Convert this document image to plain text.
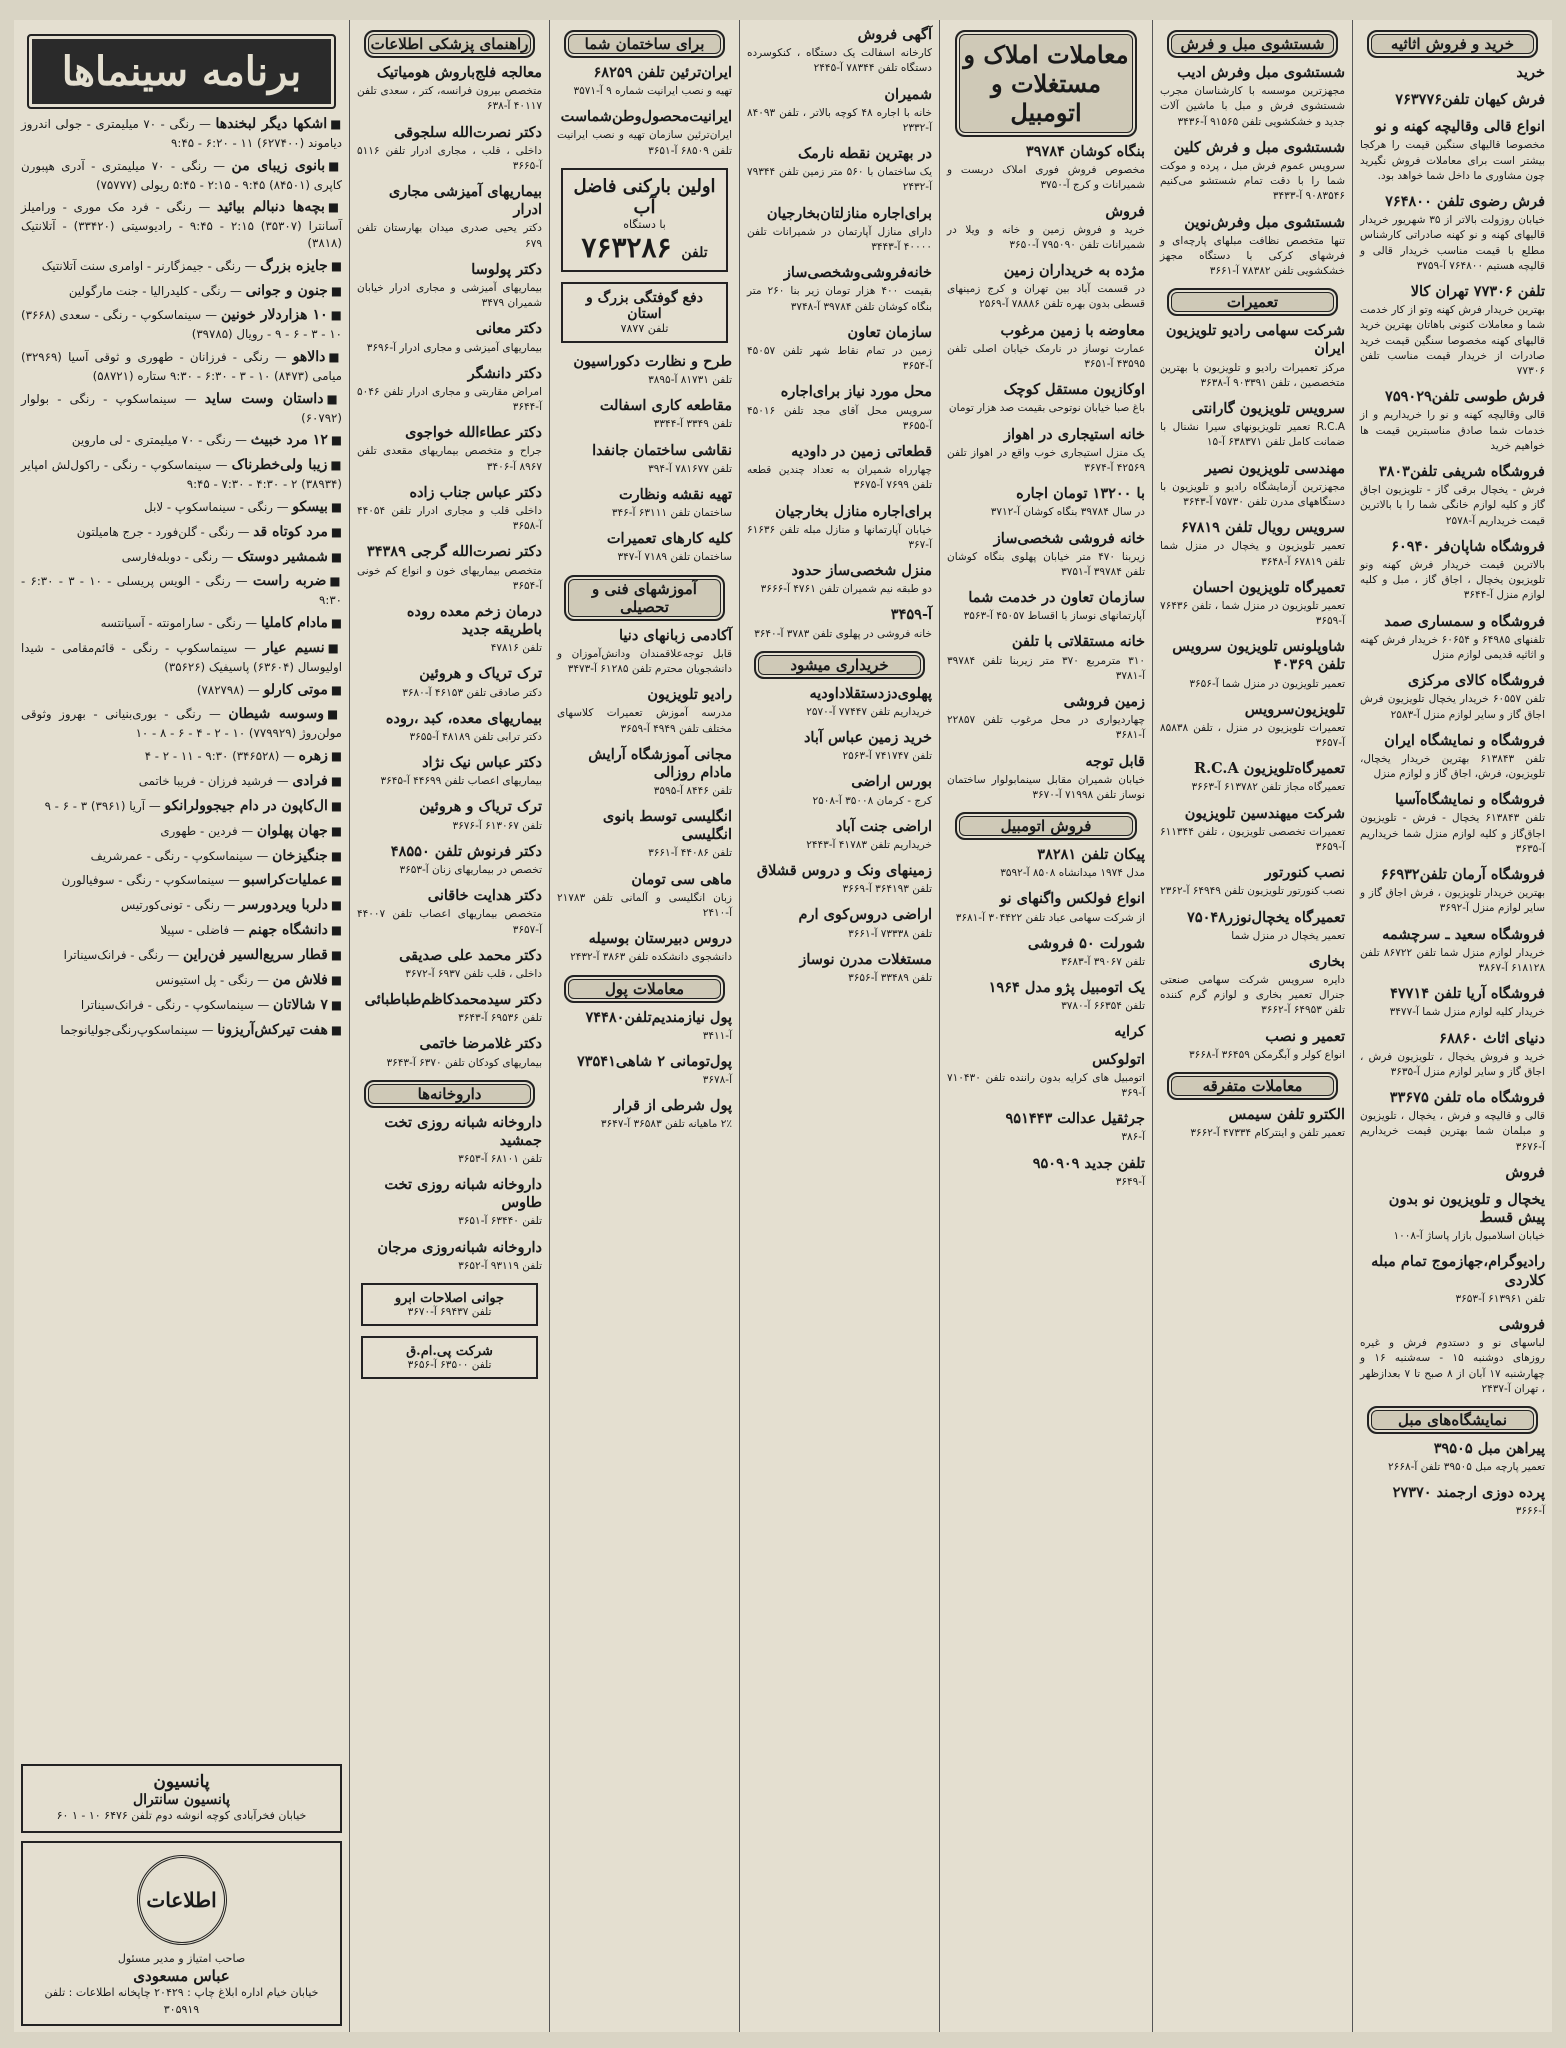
خرید و فروش اثاثیه
خرید
فرش کیهان تلفن۷۶۳۷۷۶
انواع قالی وقالیچه کهنه و نو
مخصوصا قالیهای سنگین قیمت را هرکجا بیشتر است برای معاملات فروش نگیرید چون مشاوری ما داخل شما خواهد بود.
فرش رضوی تلفن ۷۶۴۸۰۰
خیابان روزولت بالاتر از ۳۵ شهریور خریدار قالیهای کهنه و نو کهنه صادراتی کارشناس مطلع با قیمت مناسب خریدار قالی و قالیچه هستیم ۷۶۴۸۰۰ آ-۳۷۵۹
تلفن ۷۷۳۰۶ تهران کالا
بهترین خریدار فرش کهنه وتو از کار خدمت شما و معاملات کنونی باهاتان بهترین خرید قالیهای کهنه مخصوصا سنگین قیمت خرید صادرات از خریدار قیمت مناسب تلفن ۷۷۳۰۶
فرش طوسی تلفن۷۵۹۰۲۹
قالی وقالیچه کهنه و نو را خریداریم و از خدمات شما صادق مناسبترین قیمت ها خواهیم خرید
فروشگاه شریفی تلفن۳۸۰۳
فرش - یخچال برقی گاز - تلویزیون اجاق گاز و کلیه لوازم خانگی شما را با بالاترین قیمت خریداریم آ-۲۵۷۸
فروشگاه شاپان‌فر ۶۰۹۴۰
بالاترین قیمت خریدار فرش کهنه ونو تلویزیون یخچال ، اجاق گاز ، مبل و کلیه لوازم منزل آ-۳۶۴۴
فروشگاه و سمساری صمد
تلفنهای ۶۴۹۸۵ و ۶۰۶۵۴ خریدار فرش کهنه و اثاثیه قدیمی لوازم منزل
فروشگاه کالای مرکزی
تلفن ۶۰۵۵۷ خریدار یخچال تلویزیون فرش اجاق گاز و سایر لوازم منزل آ-۲۵۸۳
فروشگاه و نمایشگاه ایران
تلفن ۶۱۳۸۴۳ بهترین خریدار یخچال، تلویزیون، فرش، اجاق گاز و لوازم منزل
فروشگاه و نمایشگاه‌آسیا
تلفن ۶۱۳۸۴۳ یخچال - فرش - تلویزیون اجاق‌گاز و کلیه لوازم منزل شما خریداریم آ-۳۶۳۵
فروشگاه آرمان تلفن۶۶۹۳۲
بهترین خریدار تلویزیون ، فرش اجاق گاز و سایر لوازم منزل آ-۳۶۹۲
فروشگاه سعید ـ سرچشمه
خریدار لوازم منزل شما تلفن ۸۶۷۲۲ تلفن ۶۱۸۱۲۸ آ-۳۸۶۷
فروشگاه آریا تلفن ۴۷۷۱۴
خریدار کلیه لوازم منزل شما آ-۳۴۷۷
دنیای اثاث ۶۸۸۶۰
خرید و فروش یخچال ، تلویزیون فرش ، اجاق گاز و سایر لوازم منزل آ-۳۶۳۵
فروشگاه ماه تلفن ۳۳۶۷۵
قالی و قالیچه و فرش ، یخچال ، تلویزیون و مبلمان شما بهترین قیمت خریداریم آ-۳۶۷۶
فروش
یخچال و تلویزیون نو بدون پیش قسط
خیابان اسلامبول بازار پاساژ آ-۱۰۰۸
رادیوگرام‌،جهاز‌موج تمام مبله کلاردی
تلفن ۶۱۳۹۶۱ آ-۳۶۵۳
فروشی
لباسهای نو و دستدوم فرش و غیره روزهای دوشنبه ۱۵ - سه‌شنبه ۱۶ و چهارشنبه ۱۷ آبان از ۸ صبح تا ۷ بعدازظهر ، تهران آ-۲۴۳۷
نمایشگاه‌های مبل
پیراهن مبل ۳۹۵۰۵
تعمیر پارچه مبل ۳۹۵۰۵ تلفن آ-۲۶۶۸
پرده دوزی ارجمند ۲۷۳۷۰
آ-۳۶۶۶
شستشوی مبل و فرش
شستشوی مبل وفرش ادیب
مجهزترین موسسه با کارشناسان مجرب شستشوی فرش و مبل با ماشین آلات جدید و خشکشویی تلفن ۹۱۵۶۵ آ-۳۴۳۶
شستشوی مبل و فرش کلین
سرویس عموم فرش مبل ، پرده و موکت شما را با دقت تمام شستشو می‌کنیم ۹۰۸۳۵۴۶ آ-۳۴۳۳
شستشوی مبل وفرش‌نوین
تنها متخصص نظافت مبلهای پارچه‌ای و فرشهای کرکی با دستگاه مجهز خشکشویی تلفن ۷۸۳۸۲ آ-۳۶۶۱
تعمیرات
شرکت سهامی رادیو تلویزیون ایران
مرکز تعمیرات رادیو و تلویزیون با بهترین متخصصین ، تلفن ۹۰۳۳۹۱ آ-۳۶۳۸
سرویس تلویزیون گارانتی
R.C.A تعمیر تلویزیونهای سیرا نشنال با ضمانت کامل تلفن ۶۳۸۳۷۱ آ-۱۵
مهندسی تلویزیون نصیر
مجهزترین آزمایشگاه رادیو و تلویزیون با دستگاههای مدرن تلفن ۷۵۷۳۰ آ-۳۶۴۳
سرویس رویال تلفن ۶۷۸۱۹
تعمیر تلویزیون و یخچال در منزل شما تلفن ۶۷۸۱۹ آ-۳۶۴۸
تعمیرگاه تلویزیون احسان
تعمیر تلویزیون در منزل شما ، تلفن ۷۶۴۳۶ آ-۳۶۵۹
شاوپلونس تلویزیون سرویس تلفن ۴۰۳۶۹
تعمیر تلویزیون در منزل شما آ-۳۶۵۶
تلویزیون‌سرویس
تعمیرات تلویزیون در منزل ، تلفن ۸۵۸۳۸ آ-۳۶۵۷
تعمیرگاه‌تلویزیون R.C.A
تعمیرگاه مجاز تلفن ۶۱۳۷۸۲ آ-۳۶۶۳
شرکت میهندسین تلویزیون
تعمیرات تخصصی تلویزیون ، تلفن ۶۱۱۳۴۴ آ-۳۶۵۹
نصب کنورتور
نصب کنورتور تلویزیون تلفن ۶۴۹۴۹ آ-۲۳۶۲
تعمیرگاه یخچال‌نوزر۷۵۰۴۸
تعمیر یخچال در منزل شما
بخاری
دایره سرویس شرکت سهامی صنعتی جنرال تعمیر بخاری و لوازم گرم کننده تلفن ۶۴۹۵۳ آ-۳۶۶۲
تعمیر و نصب
انواع کولر و آبگرمکن ۳۶۴۵۹ آ-۳۶۶۸
معاملات متفرقه
الکترو تلفن سیمس
تعمیر تلفن و اینترکام ۴۷۳۳۴ آ-۳۶۶۲
معاملات املاک و مستغلات و اتومبیل
بنگاه کوشان ۳۹۷۸۴
مخصوص فروش فوری املاک دربست و شمیرانات و کرج آ-۳۷۵۰
فروش
خرید و فروش زمین و خانه و ویلا در شمیرانات تلفن ۷۹۵۰۹۰ آ-۳۶۵۰
مژده به خریداران زمین
در قسمت آباد بین تهران و کرج زمینهای قسطی بدون بهره تلفن ۷۸۸۸۶ آ-۲۵۶۹
معاوضه با زمین مرغوب
عمارت نوساز در نارمک خیابان اصلی تلفن ۴۳۵۹۵ آ-۳۶۵۱
اوکازیون مستقل کوچک
باغ صبا خیابان نوتوحی بقیمت صد هزار تومان
خانه استیجاری در اهواز
یک منزل استیجاری خوب واقع در اهواز تلفن ۴۲۵۶۹ آ-۳۶۷۴
با ۱۳۲۰۰ تومان اجاره
در سال ۳۹۷۸۴ بنگاه کوشان آ-۳۷۱۲
خانه فروشی شخصی‌ساز
زیربنا ۴۷۰ متر خیابان پهلوی بنگاه کوشان تلفن ۳۹۷۸۴ آ-۳۷۵۱
سازمان تعاون در خدمت شما
آپارتمانهای نوساز با اقساط ۴۵۰۵۷ آ-۳۵۶۳
خانه مستقلاتی با تلفن
۳۱۰ مترمربع ۳۷۰ متر زیربنا تلفن ۳۹۷۸۴ آ-۳۷۸۱
زمین فروشی
چهاردیواری در محل مرغوب تلفن ۲۲۸۵۷ آ-۳۶۸۱
قابل توجه
خیابان شمیران مقابل سینمابولوار ساختمان نوساز تلفن ۷۱۹۹۸ آ-۳۶۷۰
فروش اتومبیل
پیکان تلفن ۳۸۲۸۱
مدل ۱۹۷۴ میدانشاه ۸۵۰۸ آ-۳۵۹۲
انواع فولکس واگنهای نو
از شرکت سهامی عباد تلفن ۳۰۴۴۲۲ آ-۳۶۸۱
شورلت ۵۰ فروشی
تلفن ۳۹۰۶۷ آ-۳۶۸۳
یک اتومبیل پژو مدل ۱۹۶۴
تلفن ۶۶۳۵۴ آ-۳۷۸۰
کرایه
اتولوکس
اتومبیل های کرایه بدون راننده تلفن ۷۱۰۴۳۰ آ-۳۶۹
جرثقیل عدالت ۹۵۱۴۴۳
آ-۳۸۶
تلفن جدید ۹۵۰۹۰۹
آ-۳۶۴۹
آگهی فروش
کارخانه اسفالت یک دستگاه ، کنکوسرده دستگاه تلفن ۷۸۳۴۴ آ-۲۴۴۵
شمیران
خانه با اجاره ۴۸ کوچه بالاتر ، تلفن ۸۴۰۹۳ آ-۲۳۳۲
در بهترین نقطه نارمک
یک ساختمان با ۵۶۰ متر زمین تلفن ۷۹۳۴۴ آ-۲۴۳۲
برای‌اجاره منازلتان‌بخارجیان
دارای منازل آپارتمان در شمیرانات تلفن ۴۰۰۰۰ آ-۳۴۴۳
خانه‌فروشی‌و‌شخصی‌ساز
بقیمت ۴۰۰ هزار تومان زیر بنا ۲۶۰ متر بنگاه کوشان تلفن ۳۹۷۸۴ آ-۳۷۴۸
سازمان تعاون
زمین در تمام نقاط شهر تلفن ۴۵۰۵۷ آ-۳۶۵۴
محل مورد نیاز برای‌اجاره
سرویس محل آقای مجد تلفن ۴۵۰۱۶ آ-۳۶۵۵
قطعاتی زمین در داودیه
چهارراه شمیران به تعداد چندین قطعه تلفن ۷۶۹۹ آ-۳۶۷۵
برای‌اجاره منازل بخارجیان
خیابان آپارتمانها و منازل مبله تلفن ۶۱۶۳۶ آ-۳۶۷
منزل شخصی‌ساز حدود
دو طبقه نیم شمیران تلفن ۴۷۶۱ آ-۳۶۶۶
آ-۳۴۵۹
خانه فروشی در پهلوی تلفن ۳۷۸۳ آ-۳۶۴۰
خریداری میشود
پهلوی‌دزدستقلاداودیه
خریداریم تلفن ۷۷۴۴۷ آ-۲۵۷۰
خرید زمین عباس آباد
تلفن ۷۴۱۷۴۷ آ-۲۵۶۳
بورس اراضی
کرج - کرمان ۳۵۰۰۸ آ-۲۵۰۸
اراضی جنت آباد
خریداریم تلفن ۴۱۷۸۳ آ-۲۴۴۳
زمینهای ونک و دروس قشلاق
تلفن ۳۶۴۱۹۳ آ-۳۶۶۹
اراضی دروس‌کوی ارم
تلفن ۷۳۳۳۸ آ-۳۶۶۱
مستغلات مدرن نوساز
تلفن ۳۳۴۸۹ آ-۳۶۵۶
برای ساختمان شما
ایران‌ترئین تلفن ۶۸۲۵۹
تهیه و نصب ایرانیت شماره ۹ آ-۳۵۷۱
ایرانیت‌محصول‌وطن‌شماست
ایران‌ترئین سازمان تهیه و نصب ایرانیت تلفن ۶۸۵۰۹ آ-۳۶۵۱
اولین بارکنی فاضل آب
با دستگاه
تلفن ۷۶۳۲۸۶
دفع گوفتگی بزرگ و استان
تلفن ۷۸۷۷
طرح و نظارت دکوراسیون
تلفن ۸۱۷۳۱ آ-۳۸۹۵
مقاطعه کاری اسفالت
تلفن ۳۳۴۹ آ-۳۳۴۴
نقاشی ساختمان جانفدا
تلفن ۷۸۱۶۷۷ آ-۳۹۴
تهیه نقشه ونظارت
ساختمان تلفن ۶۳۱۱۱ آ-۳۴۶
کلیه کارهای تعمیرات
ساختمان تلفن ۷۱۸۹ آ-۳۴۷
آموزشهای فنی و تحصیلی
آکادمی زبانهای دنیا
قابل توجه‌علاقمندان ودانش‌آموزان و دانشجویان محترم تلفن ۶۱۲۸۵ آ-۳۴۷۳
رادیو تلویزیون
مدرسه آموزش تعمیرات کلاسهای مختلف تلفن ۴۹۴۹ آ-۳۶۵۹
مجانی آموزشگاه آرایش مادام روزالی
تلفن ۸۴۴۶ آ-۳۵۹۵
انگلیسی توسط بانوی انگلیسی
تلفن ۴۴۰۸۶ آ-۳۶۶۱
ماهی سی تومان
زبان انگلیسی و آلمانی تلفن ۲۱۷۸۳ آ-۲۴۱۰
دروس دبیرستان بوسیله
دانشجوی دانشکده تلفن ۳۸۶۳ آ-۲۴۳۲
معاملات پول
پول نیازمندیم‌تلفن۷۴۴۸۰
آ-۳۴۱۱
پول‌تومانی ۲ شاهی۷۳۵۴۱
آ-۳۶۷۸
پول شرطی از قرار
۲٪ ماهیانه تلفن ۳۶۵۸۳ آ-۳۶۴۷
راهنمای پزشکی اطلاعات
معالجه فلج‌باروش هومیاتیک
متخصص بیرون فرانسه، کتر ، سعدی تلفن ۴۰۱۱۷ آ-۶۳۸
دکتر نصرت‌الله سلجوقی
داخلی ، قلب ، مجاری ادرار تلفن ۵۱۱۶ آ-۳۶۶۵
بیماریهای آمیزشی مجاری ادرار
دکتر یحیی صدری میدان بهارستان تلفن ۶۷۹
دکتر پولوسا
بیماریهای آمیزشی و مجاری ادرار خیابان شمیران ۳۴۷۹
دکتر معانی
بیماریهای آمیزشی و مجاری ادرار آ-۳۶۹۶
دکتر دانشگر
امراض مقاربتی و مجاری ادرار تلفن ۵۰۴۶ آ-۳۶۴۴
دکتر عطاءالله خواجوی
جراح و متخصص بیماریهای مقعدی تلفن ۸۹۶۷ آ-۳۴۰۶
دکتر عباس جناب زاده
داخلی قلب و مجاری ادرار تلفن ۴۴۰۵۴ آ-۳۶۵۸
دکتر نصرت‌الله گرجی ۳۴۳۸۹
متخصص بیماریهای خون و انواع کم خونی آ-۳۶۵۴
درمان زخم معده روده باطریقه جدید
تلفن ۴۷۸۱۶
ترک تریاک و هروئین
دکتر صادقی تلفن ۴۶۱۵۳ آ-۳۶۸۰
بیماریهای معده، کبد ،روده
دکتر ترابی تلفن ۴۸۱۸۹ آ-۳۶۵۵
دکتر عباس نیک نژاد
بیماریهای اعصاب تلفن ۴۴۶۹۹ آ-۳۶۴۵
ترک تریاک و هروئین
تلفن ۶۱۳۰۶۷ آ-۳۶۷۶
دکتر فرنوش تلفن ۴۸۵۵۰
تخصص در بیماریهای زنان آ-۳۶۵۳
دکتر هدایت خاقانی
متخصص بیماریهای اعصاب تلفن ۴۴۰۰۷ آ-۳۶۵۷
دکتر محمد علی صدیقی
داخلی ، قلب تلفن ۶۹۳۷ آ-۳۶۷۲
دکتر سید‌محمد‌کاظم‌طباطبائی
تلفن ۶۹۵۳۶ آ-۳۶۴۳
دکتر غلامرضا خاتمی
بیماریهای کودکان تلفن ۶۳۷۰ آ-۳۶۴۳
داروخانه‌ها
داروخانه شبانه روزی تخت جمشید
تلفن ۶۸۱۰۱ آ-۳۶۵۳
داروخانه شبانه روزی تخت طاوس
تلفن ۶۳۴۴۰ آ-۳۶۵۱
داروخانه شبانه‌روزی مرجان
تلفن ۹۳۱۱۹ آ-۳۶۵۲
جوانی اصلاحات ابرو
تلفن ۶۹۴۳۷ آ-۳۶۷۰
شرکت پی.ام.ق
تلفن ۶۳۵۰۰ آ-۳۶۵۶
برنامه سینماها
■اشکها دیگر لبخندها — رنگی - ۷۰ میلیمتری - جولی اندروز دیاموند (۶۲۷۴۰۰) ۱۱ - ۶:۲۰ - ۹:۴۵
■بانوی زیبای من — رنگی - ۷۰ میلیمتری - آدری هپبورن کاپری (۸۴۵۰۱) ۹:۴۵ - ۲:۱۵ - ۵:۴۵ ریولی (۷۵۷۷۷)
■بچه‌ها دنبالم بیائید — رنگی - فرد مک موری - ورامیلز آسانترا (۳۵۳۰۷) ۲:۱۵ - ۹:۴۵ - رادیوسیتی (۳۳۴۲۰) - آتلانتیک (۳۸۱۸)
■جایزه بزرگ — رنگی - جیمزگارنر - اوامری سنت آتلانتیک
■جنون و جوانی — رنگی - کلیدرالیا - جنت مارگولین
■۱۰ هزاردلار خونین — سینماسکوپ - رنگی - سعدی (۳۶۶۸) ۱۰ - ۳ - ۶ - ۹ - رویال (۳۹۷۸۵)
■دالاهو — رنگی - فرزانان - طهوری و ثوقی آسیا (۳۲۹۶۹) میامی (۸۴۷۳) ۱۰ - ۳ - ۶:۳۰ - ۹:۳۰ ستاره (۵۸۷۲۱)
■داستان وست ساید — سینماسکوپ - رنگی - بولوار (۶۰۷۹۲)
■۱۲ مرد خبیث — رنگی - ۷۰ میلیمتری - لی ماروین
■زیبا ولی‌خطرناک — سینماسکوپ - رنگی - راکول‌لش امپایر (۳۸۹۳۴) ۲ - ۴:۳۰ - ۷:۳۰ - ۹:۴۵
■بیسکو — رنگی - سینماسکوپ - لابل
■مرد کوتاه قد — رنگی - گلن‌فورد - جرج هامیلتون
■شمشیر دوستک — رنگی - دوبله‌فارسی
■ضربه راست — رنگی - الویس پریسلی - ۱۰ - ۳ - ۶:۳۰ - ۹:۳۰
■مادام کاملیا — رنگی - سارامونته - آسیانتسه
■نسیم عیار — سینماسکوپ - رنگی - قائم‌مقامی - شیدا اولیوسال (۶۳۶۰۴) پاسیفیک (۳۵۶۲۶)
■موتی کارلو — (۷۸۲۷۹۸)
■وسوسه شیطان — رنگی - بوری‌بنیانی - بهروز وثوقی مولن‌روژ (۷۷۹۹۲۹) ۱۰ - ۲ - ۴ - ۶ - ۸ - ۱۰
■زهره — (۳۴۶۵۲۸) ۹:۳۰ - ۱۱ - ۲ - ۴
■فرادی — فرشید فرزان - فریبا خاتمی
■ال‌کاپون در دام جیجوولرانکو — آریا (۳۹۶۱) ۳ - ۶ - ۹
■جهان پهلوان — فردین - طهوری
■جنگیزخان — سینماسکوپ - رنگی - عمرشریف
■عملیات‌کراسبو — سینماسکوپ - رنگی - سوفیالورن
■دلربا ویردورسر — رنگی - تونی‌کورتیس
■دانشگاه جهنم — فاضلی - سپیلا
■قطار سریع‌السیر فن‌راین — رنگی - فرانک‌سیناترا
■فلاش من — رنگی - پل استیونس
■۷ شالاتان — سینماسکوپ - رنگی - فرانک‌سیناترا
■هفت تیرکش‌آریزونا — سینماسکوپ‌رنگی‌جولیانوجما
پانسیون
پانسیون سانترال
خیابان فخرآبادی کوچه انوشه دوم تلفن ۶۴۷۶ ۱۰ - ۱ ۶۰
اطلاعات
صاحب امتیاز و مدیر مسئول
عباس مسعودی
خیابان خیام اداره ابلاغ چاپ : ۲۰۴۲۹ چاپخانه اطلاعات : تلفن ۳۰۵۹۱۹
